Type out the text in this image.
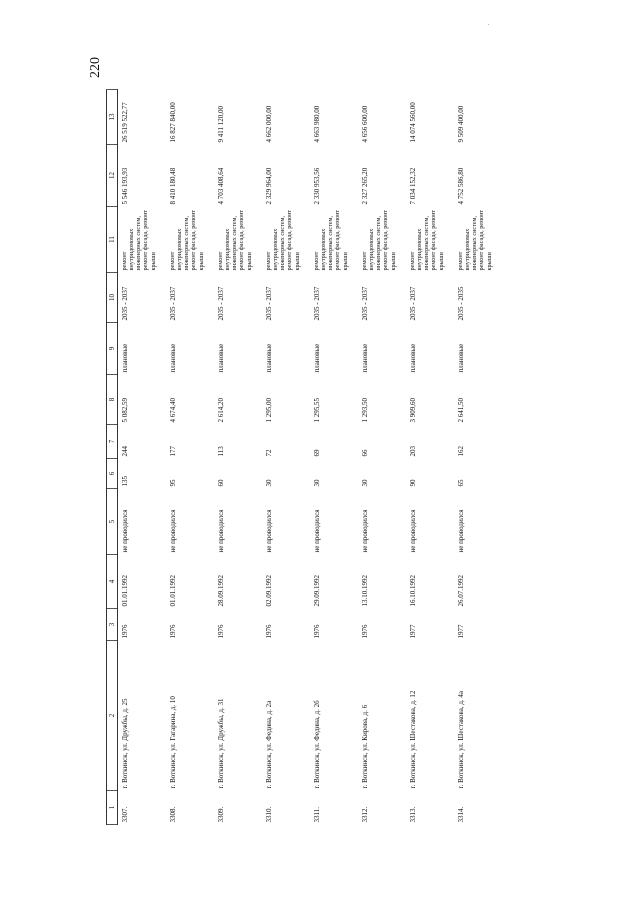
220
1	2	3	4	5	6	7	8	9	10	11	12	13
3307.	г. Воткинск, ул. Дружбы, д. 25	1976	01.01.1992	не проводился	135	244	5 082,59	плановые	2035 - 2037	ремонт внутридомовых инженерных систем, ремонт фасада, ремонт крыши	5 546 193,93	26 519 522,77
3308.	г. Воткинск, ул. Гагарина, д. 10	1976	01.01.1992	не проводился	95	177	4 674,40	плановые	2035 - 2037	ремонт внутридомовых инженерных систем, ремонт фасада, ремонт крыши	8 410 180,48	16 827 840,00
3309.	г. Воткинск, ул. Дружбы, д. 31	1976	28.09.1992	не проводился	60	113	2 614,20	плановые	2035 - 2037	ремонт внутридомовых инженерных систем, ремонт фасада, ремонт крыши	4 703 408,64	9 411 120,00
3310.	г. Воткинск, ул. Федина, д. 2а	1976	02.09.1992	не проводился	30	72	1 295,00	плановые	2035 - 2037	ремонт внутридомовых инженерных систем, ремонт фасада, ремонт крыши	2 329 964,00	4 662 000,00
3311.	г. Воткинск, ул. Федина, д. 2б	1976	29.09.1992	не проводился	30	69	1 295,55	плановые	2035 - 2037	ремонт внутридомовых инженерных систем, ремонт фасада, ремонт крыши	2 330 953,56	4 663 980,00
3312.	г. Воткинск, ул. Кирова, д. 6	1976	13.10.1992	не проводился	30	66	1 293,50	плановые	2035 - 2037	ремонт внутридомовых инженерных систем, ремонт фасада, ремонт крыши	2 327 265,20	4 656 600,00
3313.	г. Воткинск, ул. Шестакова, д. 12	1977	16.10.1992	не проводился	90	203	3 909,60	плановые	2035 - 2037	ремонт внутридомовых инженерных систем, ремонт фасада, ремонт крыши	7 034 152,32	14 074 560,00
3314.	г. Воткинск, ул. Шестакова, д. 4а	1977	26.07.1992	не проводился	65	162	2 641,50	плановые	2035 - 2035	ремонт внутридомовых инженерных систем, ремонт фасада, ремонт крыши	4 752 586,80	9 509 400,00
